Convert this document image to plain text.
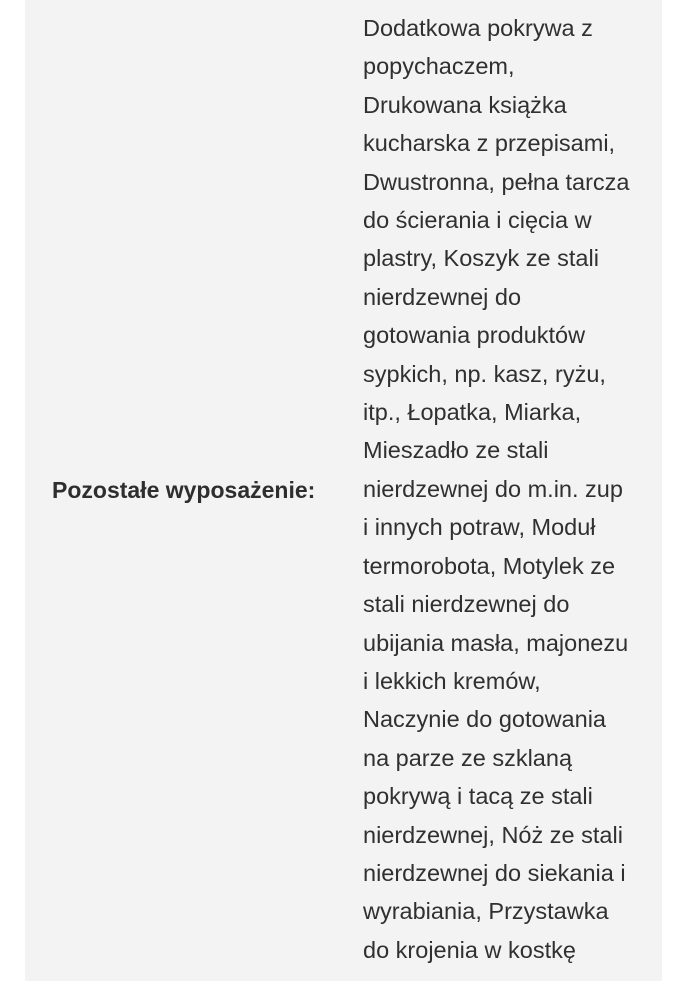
Pozostałe wyposażenie:

Dodatkowa pokrywa z
popychaczem,
Drukowana książka
kucharska z przepisami,
Dwustronna, pełna tarcza
do ścierania i cięcia w
plastry, Koszyk ze stali
nierdzewnej do
gotowania produktów
sypkich, np. kasz, ryżu,
itp., Łopatka, Miarka,
Mieszadło ze stali
nierdzewnej do m.in. zup
i innych potraw, Moduł
termorobota, Motylek ze
stali nierdzewnej do
ubijania masła, majonezu
i lekkich kremów,
Naczynie do gotowania
na parze ze szklaną
pokrywą i tacą ze stali
nierdzewnej, Nóż ze stali
nierdzewnej do siekania i
wyrabiania, Przystawka
do krojenia w kostkę
